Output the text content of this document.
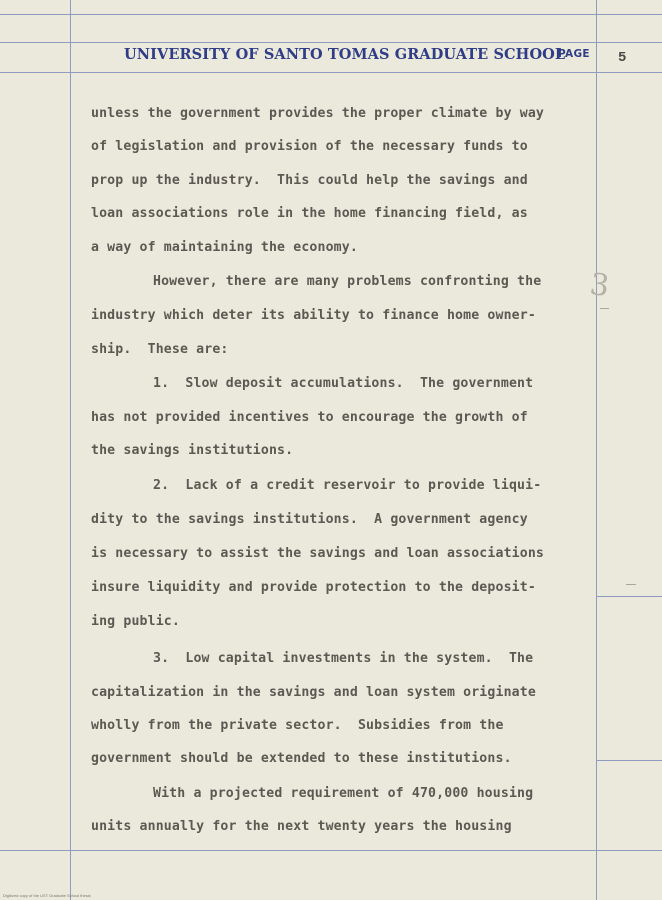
UNIVERSITY OF SANTO TOMAS GRADUATE SCHOOL
PAGE 5
unless the government provides the proper climate by way
of legislation and provision of the necessary funds to
prop up the industry.  This could help the savings and
loan associations role in the home financing field, as
a way of maintaining the economy.
However, there are many problems confronting the
industry which deter its ability to finance home owner-
ship.  These are:
1.  Slow deposit accumulations.  The government
has not provided incentives to encourage the growth of
the savings institutions.
2.  Lack of a credit reservoir to provide liqui-
dity to the savings institutions.  A government agency
is necessary to assist the savings and loan associations
insure liquidity and provide protection to the deposit-
ing public.
3.  Low capital investments in the system.  The
capitalization in the savings and loan system originate
wholly from the private sector.  Subsidies from the
government should be extended to these institutions.
With a projected requirement of 470,000 housing
units annually for the next twenty years the housing
3
Digitized copy of the UST Graduate School thesis
